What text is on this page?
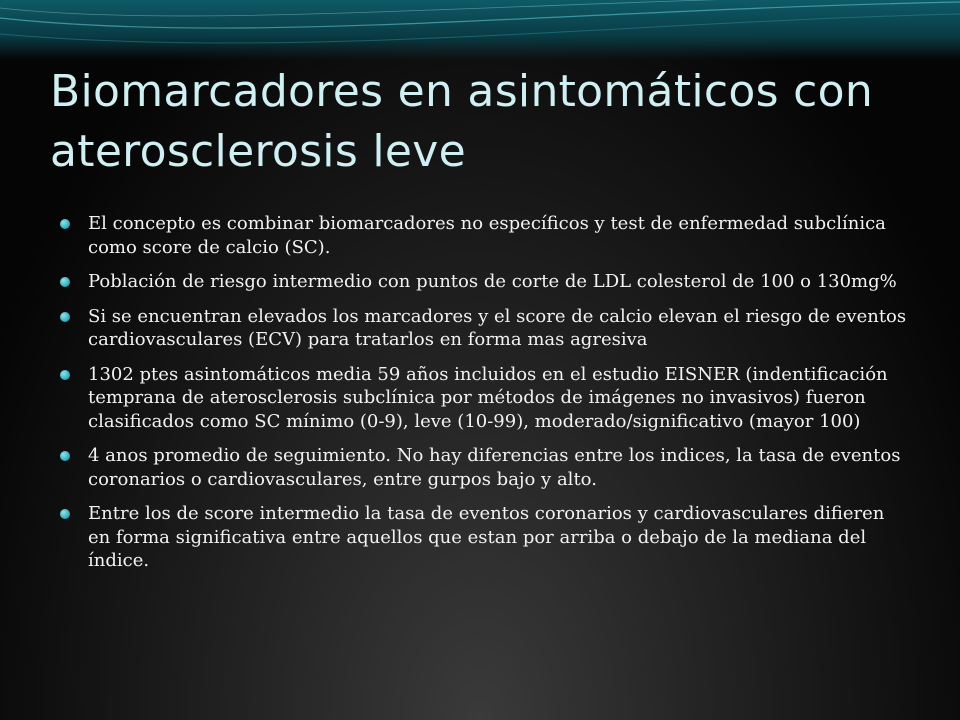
Biomarcadores en asintomáticos con aterosclerosis leve
El concepto es combinar biomarcadores no específicos y test de enfermedad subclínica como score de calcio (SC).
Población de riesgo intermedio con puntos de corte de LDL colesterol de 100 o 130mg%
Si se encuentran elevados los marcadores y el score de calcio elevan el riesgo de eventos cardiovasculares (ECV) para tratarlos en forma mas agresiva
1302 ptes asintomáticos media 59 años incluidos en el estudio EISNER (indentificación temprana de aterosclerosis subclínica por métodos de imágenes no invasivos) fueron clasificados como SC mínimo (0-9), leve (10-99), moderado/significativo (mayor 100)
4 anos promedio de seguimiento. No hay diferencias entre los indices, la tasa de eventos coronarios o cardiovasculares, entre gurpos bajo y alto.
Entre los de score intermedio la tasa de eventos coronarios y cardiovasculares difieren en forma significativa entre aquellos que estan por arriba o debajo de la mediana del índice.
